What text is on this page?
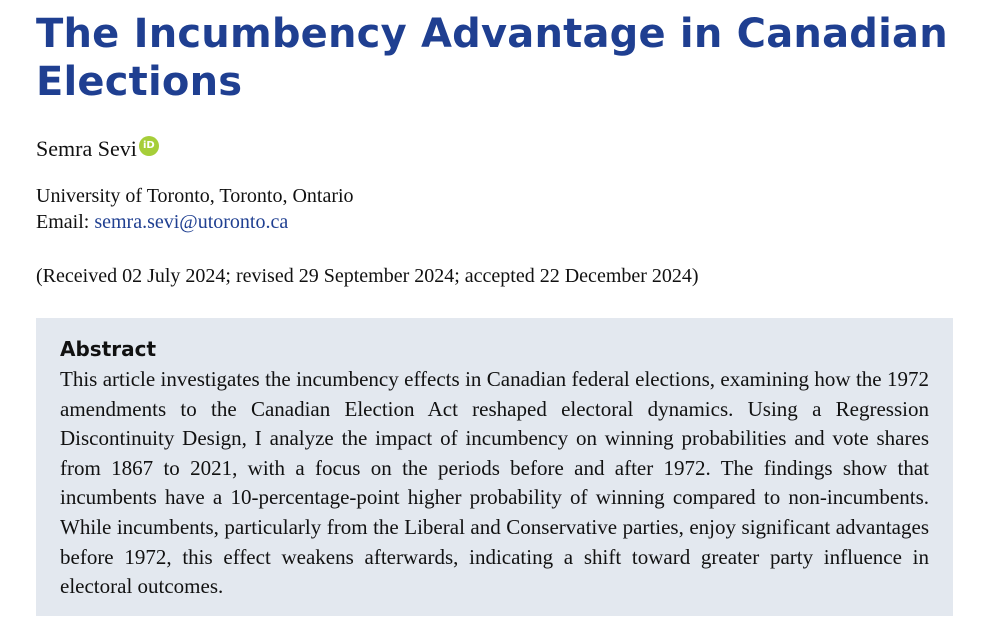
The Incumbency Advantage in Canadian Elections
Semra Sevi iD
University of Toronto, Toronto, Ontario
Email: semra.sevi@utoronto.ca
(Received 02 July 2024; revised 29 September 2024; accepted 22 December 2024)
Abstract

This article investigates the incumbency effects in Canadian federal elections, examining how the 1972 amendments to the Canadian Election Act reshaped electoral dynamics. Using a Regression Discontinuity Design, I analyze the impact of incumbency on winning probabilities and vote shares from 1867 to 2021, with a focus on the periods before and after 1972. The findings show that incumbents have a 10-percentage-point higher probability of winning compared to non-incumbents. While incumbents, particularly from the Liberal and Conservative parties, enjoy significant advantages before 1972, this effect weakens afterwards, indicating a shift toward greater party influence in electoral outcomes.
